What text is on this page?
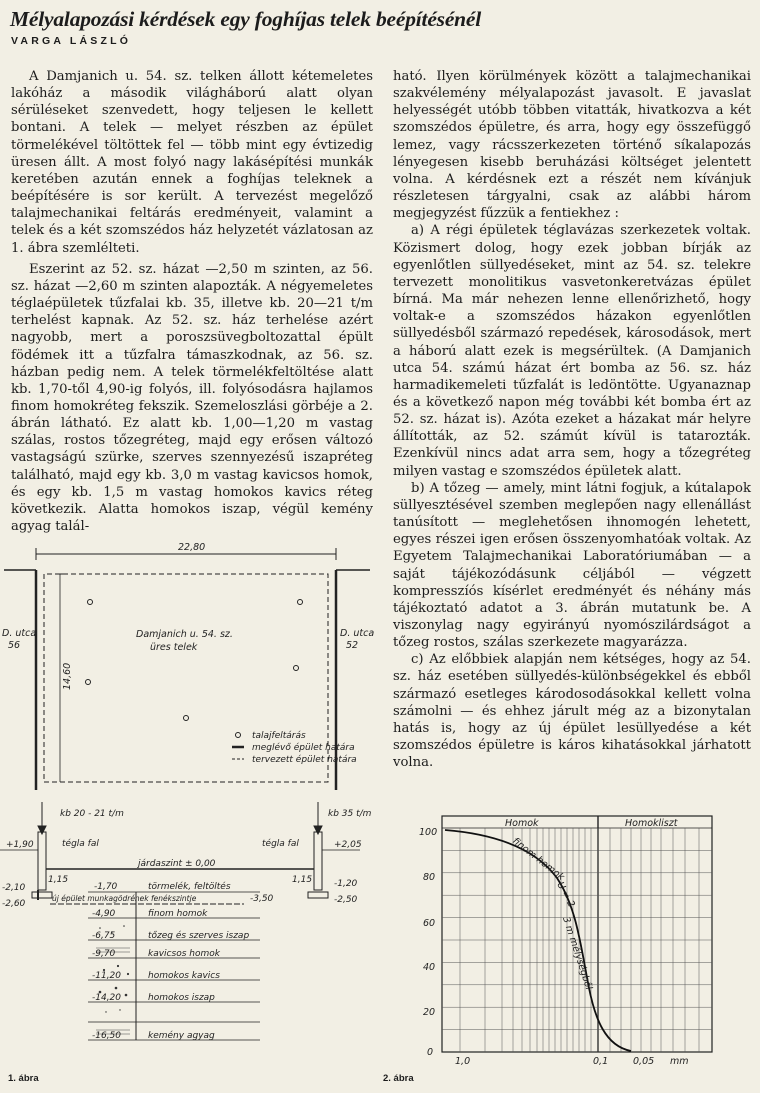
Mélyalapozási kérdések egy foghíjas telek beépítésénél
VARGA LÁSZLÓ

A Damjanich u. 54. sz. telken állott kétemeletes lakóház a második világháború alatt olyan sérüléseket szenvedett, hogy teljesen le kellett bontani. A telek — melyet részben az épület törmelékével töltöttek fel — több mint egy évtizedig üresen állt. A most folyó nagy lakásépítési munkák keretében azután ennek a foghíjas teleknek a beépítésére is sor került. A tervezést megelőző talajmechanikai feltárás eredményeit, valamint a telek és a két szomszédos ház helyzetét vázlatosan az 1. ábra szemlélteti.

Eszerint az 52. sz. házat —2,50 m szinten, az 56. sz. házat —2,60 m szinten alapozták. A négyemeletes téglaépületek tűzfalai kb. 35, illetve kb. 20—21 t/m terhelést kapnak. Az 52. sz. ház terhelése azért nagyobb, mert a poroszsüvegboltozattal épült födémek itt a tűzfalra támaszkodnak, az 56. sz. házban pedig nem. A telek törmelékfeltöltése alatt kb. 1,70-től 4,90-ig folyós, ill. folyósodásra hajlamos finom homokréteg fekszik. Szemeloszlási görbéje a 2. ábrán látható. Ez alatt kb. 1,00—1,20 m vastag szálas, rostos tőzegréteg, majd egy erősen változó vastagságú szürke, szerves szennyezésű iszapréteg található, majd egy kb. 3,0 m vastag kavicsos homok, és egy kb. 1,5 m vastag homokos kavics réteg következik. Alatta homokos iszap, végül kemény agyag talál-

ható. Ilyen körülmények között a talajmechanikai szakvélemény mélyalapozást javasolt. E javaslat helyességét utóbb többen vitatták, hivatkozva a két szomszédos épületre, és arra, hogy egy összefüggő lemez, vagy rácsszerkezeten történő síkalapozás lényegesen kisebb beruházási költséget jelentett volna. A kérdésnek ezt a részét nem kívánjuk részletesen tárgyalni, csak az alábbi három megjegyzést fűzzük a fentiekhez :

a) A régi épületek téglavázas szerkezetek voltak. Közismert dolog, hogy ezek jobban bírják az egyenlőtlen süllyedéseket, mint az 54. sz. telekre tervezett monolitikus vasvetonkeretvázas épület bírná. Ma már nehezen lenne ellenőrizhető, hogy voltak-e a szomszédos házakon egyenlőtlen süllyedésből származó repedések, károsodások, mert a háború alatt ezek is megsérültek. (A Damjanich utca 54. számú házat ért bomba az 56. sz. ház harmadikemeleti tűzfalát is ledöntötte. Ugyanaznap és a következő napon még további két bomba ért az 52. sz. házat is). Azóta ezeket a házakat már helyre állították, az 52. számút kívül is tatarozták. Ezenkívül nincs adat arra sem, hogy a tőzegréteg milyen vastag e szomszédos épületek alatt.

b) A tőzeg — amely, mint látni fogjuk, a kútalapok süllyesztésével szemben meglepően nagy ellenállást tanúsított — meglehetősen ihnomogén lehetett, egyes részei igen erősen összenyomhatóak voltak. Az Egyetem Talajmechanikai Laboratóriumában — a saját tájékozódásunk céljából — végzett kompresszíós kísérlet eredményét és néhány más tájékoztató adatot a 3. ábrán mutatunk be. A viszonylag nagy egyirányú nyomószilárdságot a tőzeg rostos, szálas szerkezete magyarázza.

c) Az előbbiek alapján nem kétséges, hogy az 54. sz. ház esetében süllyedés-különbségekkel és ebből származó esetleges károdosodásokkal kellett volna számolni — és ehhez járult még az a bizonytalan hatás is, hogy az új épület lesüllyedése a két szomszédos épületre is káros kihatásokkal járhatott volna.

22,80
14,60
Damjanich u. 54. sz.
üres telek
D. utca
56
D. utca
52
talajfeltárás
meglévő épület határa
tervezett épület határa
kb 20 - 21 t/m	kb 35 t/m
tégla fal	tégla fal
járdaszint ± 0,00
+1,90	+2,05
-2,10
-2,60
-1,20
-2,50
1,15	1,15
új épület munkagödrének fenékszintje	-3,50
-1,70	törmelék, feltöltés
-4,90	finom homok
-6,75	tőzeg és szerves iszap
-9,70	kavicsos homok
-11,20	homokos kavics
-14,20	homokos iszap
-16,50	kemény agyag
1. ábra
Homok	Homokliszt
100
80
60
40
20
0
1,0	0,1	0,05 mm
finom homok
U = 2
3 m mélységből
2. ábra
